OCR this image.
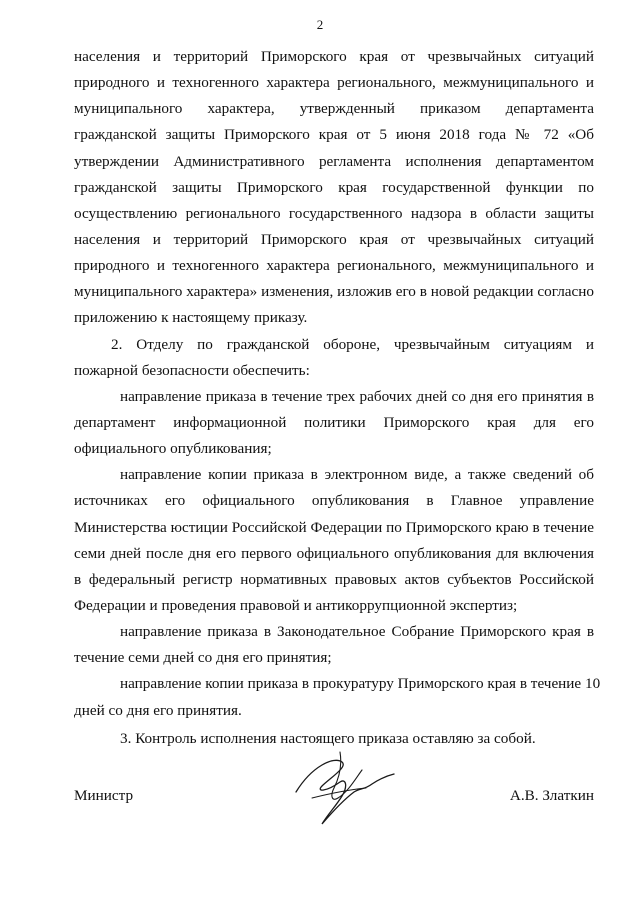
2
населения и территорий Приморского края от чрезвычайных ситуаций
природного и техногенного характера регионального, межмуниципального и
муниципального характера, утвержденный приказом департамента
гражданской защиты Приморского края от 5 июня 2018 года № 72 «Об
утверждении Административного регламента исполнения департаментом
гражданской защиты Приморского края государственной функции по
осуществлению регионального государственного надзора в области защиты
населения и территорий Приморского края от чрезвычайных ситуаций
природного и техногенного характера регионального, межмуниципального и
муниципального характера» изменения, изложив его в новой редакции согласно
приложению к настоящему приказу.
2. Отделу по гражданской обороне, чрезвычайным ситуациям и
пожарной безопасности обеспечить:
направление приказа в течение трех рабочих дней со дня его принятия в
департамент информационной политики Приморского края для его
официального опубликования;
направление копии приказа в электронном виде, а также сведений об
источниках его официального опубликования в Главное управление
Министерства юстиции Российской Федерации по Приморского краю в течение
семи дней после дня его первого официального опубликования для включения
в федеральный регистр нормативных правовых актов субъектов Российской
Федерации и проведения правовой и антикоррупционной экспертиз;
направление приказа в Законодательное Собрание Приморского края в
течение семи дней со дня его принятия;
направление копии приказа в прокуратуру Приморского края в течение 10
дней со дня его принятия.
3. Контроль исполнения настоящего приказа оставляю за собой.
Министр	А.В. Златкин
